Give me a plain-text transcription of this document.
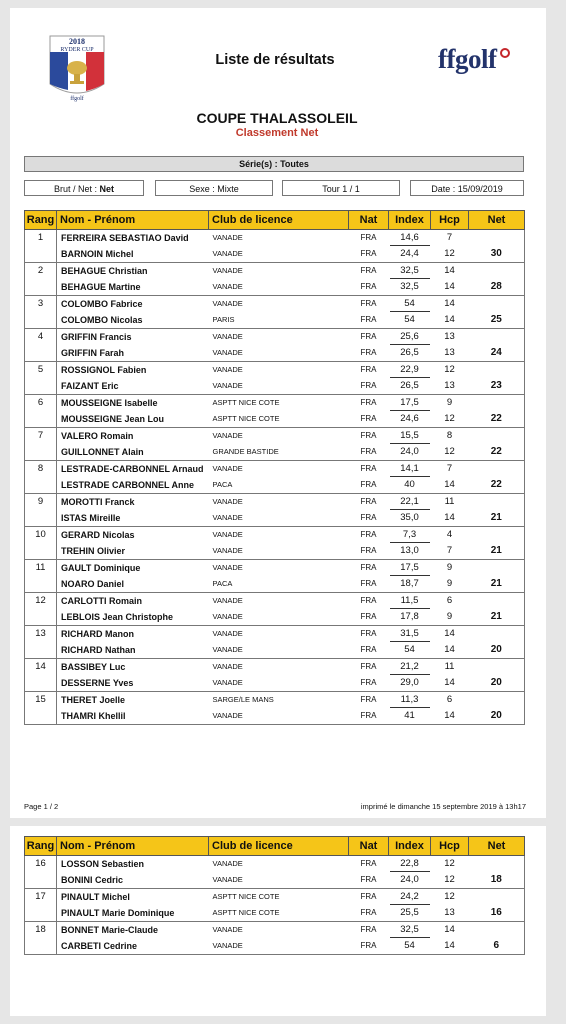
2018
RYDER CUP
ffgolf
Liste de résultats	ffgolf
COUPE THALASSOLEIL
Classement Net
Série(s) : Toutes
Brut / Net : Net	Sexe : Mixte	Tour 1 / 1	Date : 15/09/2019
Rang	Nom - Prénom	Club de licence	Nat	Index	Hcp	Net
1	FERREIRA SEBASTIAO David	VANADE	FRA	14,6	7	
	BARNOIN Michel	VANADE	FRA	24,4	12	30
2	BEHAGUE Christian	VANADE	FRA	32,5	14	
	BEHAGUE Martine	VANADE	FRA	32,5	14	28
3	COLOMBO Fabrice	VANADE	FRA	54	14	
	COLOMBO Nicolas	PARIS	FRA	54	14	25
4	GRIFFIN Francis	VANADE	FRA	25,6	13	
	GRIFFIN Farah	VANADE	FRA	26,5	13	24
5	ROSSIGNOL Fabien	VANADE	FRA	22,9	12	
	FAIZANT Eric	VANADE	FRA	26,5	13	23
6	MOUSSEIGNE Isabelle	ASPTT NICE COTE	FRA	17,5	9	
	MOUSSEIGNE Jean Lou	ASPTT NICE COTE	FRA	24,6	12	22
7	VALERO Romain	VANADE	FRA	15,5	8	
	GUILLONNET Alain	GRANDE BASTIDE	FRA	24,0	12	22
8	LESTRADE-CARBONNEL Arnaud	VANADE	FRA	14,1	7	
	LESTRADE CARBONNEL Anne	PACA	FRA	40	14	22
9	MOROTTI Franck	VANADE	FRA	22,1	11	
	ISTAS Mireille	VANADE	FRA	35,0	14	21
10	GERARD Nicolas	VANADE	FRA	7,3	4	
	TREHIN Olivier	VANADE	FRA	13,0	7	21
11	GAULT Dominique	VANADE	FRA	17,5	9	
	NOARO Daniel	PACA	FRA	18,7	9	21
12	CARLOTTI Romain	VANADE	FRA	11,5	6	
	LEBLOIS Jean Christophe	VANADE	FRA	17,8	9	21
13	RICHARD Manon	VANADE	FRA	31,5	14	
	RICHARD Nathan	VANADE	FRA	54	14	20
14	BASSIBEY Luc	VANADE	FRA	21,2	11	
	DESSERNE Yves	VANADE	FRA	29,0	14	20
15	THERET Joelle	SARGE/LE MANS	FRA	11,3	6	
	THAMRI Khellil	VANADE	FRA	41	14	20
Page 1 / 2	imprimé le dimanche 15 septembre 2019 à 13h17
Rang	Nom - Prénom	Club de licence	Nat	Index	Hcp	Net
16	LOSSON Sebastien	VANADE	FRA	22,8	12	
	BONINI Cedric	VANADE	FRA	24,0	12	18
17	PINAULT Michel	ASPTT NICE COTE	FRA	24,2	12	
	PINAULT Marie Dominique	ASPTT NICE COTE	FRA	25,5	13	16
18	BONNET Marie-Claude	VANADE	FRA	32,5	14	
	CARBETI Cedrine	VANADE	FRA	54	14	6
